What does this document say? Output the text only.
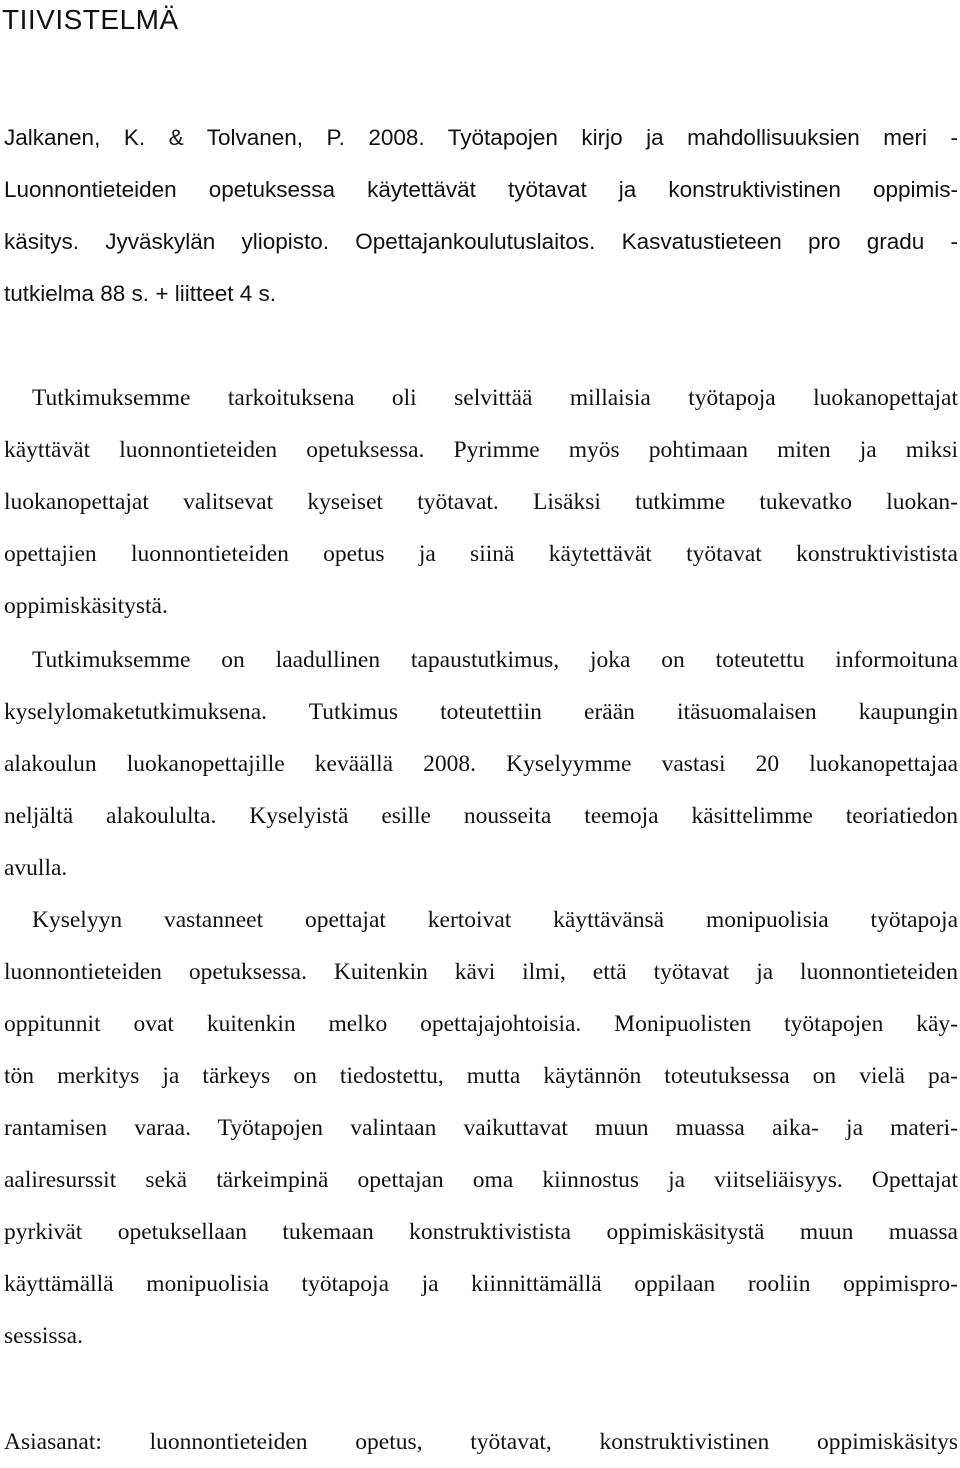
TIIVISTELMÄ
Jalkanen, K. & Tolvanen, P. 2008. Työtapojen kirjo ja mahdollisuuksien meri -
Luonnontieteiden opetuksessa käytettävät työtavat ja konstruktivistinen oppimis-
käsitys. Jyväskylän yliopisto. Opettajankoulutuslaitos. Kasvatustieteen pro gradu -
tutkielma 88 s. + liitteet 4 s.
Tutkimuksemme tarkoituksena oli selvittää millaisia työtapoja luokanopettajat
käyttävät luonnontieteiden opetuksessa. Pyrimme myös pohtimaan miten ja miksi
luokanopettajat valitsevat kyseiset työtavat. Lisäksi tutkimme tukevatko luokan-
opettajien luonnontieteiden opetus ja siinä käytettävät työtavat konstruktivistista
oppimiskäsitystä.
Tutkimuksemme on laadullinen tapaustutkimus, joka on toteutettu informoituna
kyselylomaketutkimuksena. Tutkimus toteutettiin erään itäsuomalaisen kaupungin
alakoulun luokanopettajille keväällä 2008. Kyselyymme vastasi 20 luokanopettajaa
neljältä alakoululta. Kyselyistä esille nousseita teemoja käsittelimme teoriatiedon
avulla.
Kyselyyn vastanneet opettajat kertoivat käyttävänsä monipuolisia työtapoja
luonnontieteiden opetuksessa. Kuitenkin kävi ilmi, että työtavat ja luonnontieteiden
oppitunnit ovat kuitenkin melko opettajajohtoisia. Monipuolisten työtapojen käy-
tön merkitys ja tärkeys on tiedostettu, mutta käytännön toteutuksessa on vielä pa-
rantamisen varaa. Työtapojen valintaan vaikuttavat muun muassa aika- ja materi-
aaliresurssit sekä tärkeimpinä opettajan oma kiinnostus ja viitseliäisyys. Opettajat
pyrkivät opetuksellaan tukemaan konstruktivistista oppimiskäsitystä muun muassa
käyttämällä monipuolisia työtapoja ja kiinnittämällä oppilaan rooliin oppimispro-
sessissa.

Asiasanat: luonnontieteiden opetus, työtavat, konstruktivistinen oppimiskäsitys
